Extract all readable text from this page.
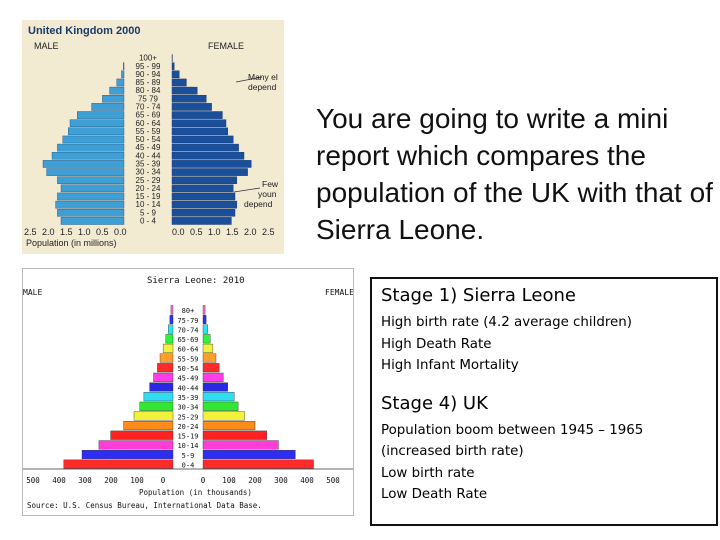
United Kingdom 2000
MALE	FEMALE
100+
95 - 99
90 - 94
85 - 89
80 - 84
75 79
70 - 74
65 - 69
60 - 64
55 - 59
50 - 54
45 - 49
40 - 44
35 - 39
30 - 34
25 - 29
20 - 24
15 - 19
10 - 14
5 - 9
0 - 4
Many el
depend
Few
youn
depend
2.5 2.0 1.5 1.0 0.5 0.0	0.0 0.5 1.0 1.5 2.0 2.5
Population (in millions)
Sierra Leone: 2010
MALE	FEMALE
80+
75-79
70-74
65-69
60-64
55-59
50-54
45-49
40-44
35-39
30-34
25-29
20-24
15-19
10-14
5-9
0-4
500 400 300 200 100 0	0 100 200 300 400 500
Population (in thousands)
Source: U.S. Census Bureau, International Data Base.
You are going to write a mini report which compares the population of the UK with that of Sierra Leone.
Stage 1) Sierra Leone
High birth rate (4.2 average children)
High Death Rate
High Infant Mortality
Stage 4) UK
Population boom between 1945 – 1965
(increased birth rate)
Low birth rate
Low Death Rate
